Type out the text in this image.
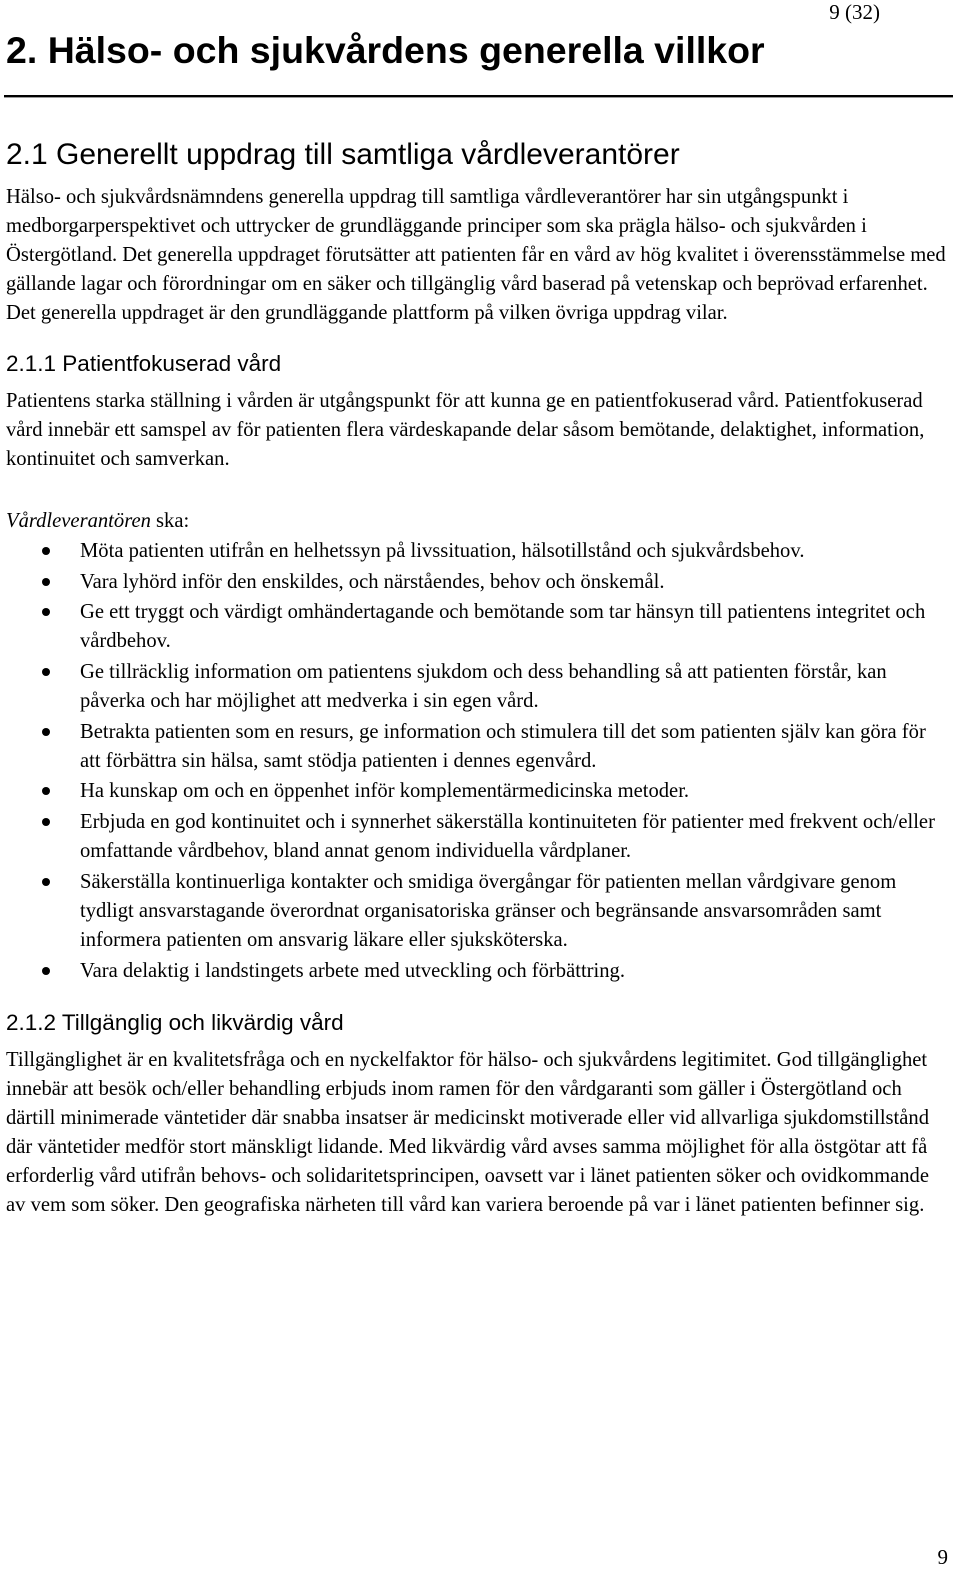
9 (32)
2. Hälso- och sjukvårdens generella villkor
2.1 Generellt uppdrag till samtliga vårdleverantörer

Hälso- och sjukvårdsnämndens generella uppdrag till samtliga vårdleverantörer har sin utgångspunkt i medborgarperspektivet och uttrycker de grundläggande principer som ska prägla hälso- och sjukvården i Östergötland. Det generella uppdraget förutsätter att patienten får en vård av hög kvalitet i överensstämmelse med gällande lagar och förordningar om en säker och tillgänglig vård baserad på vetenskap och beprövad erfarenhet. Det generella uppdraget är den grundläggande plattform på vilken övriga uppdrag vilar.

2.1.1 Patientfokuserad vård

Patientens starka ställning i vården är utgångspunkt för att kunna ge en patientfokuserad vård. Patientfokuserad vård innebär ett samspel av för patienten flera värdeskapande delar såsom bemötande, delaktighet, information, kontinuitet och samverkan.

Vårdleverantören ska:

Möta patienten utifrån en helhetssyn på livssituation, hälsotillstånd och sjukvårdsbehov.
Vara lyhörd inför den enskildes, och närståendes, behov och önskemål.
Ge ett tryggt och värdigt omhändertagande och bemötande som tar hänsyn till patientens integritet och vårdbehov.
Ge tillräcklig information om patientens sjukdom och dess behandling så att patienten förstår, kan påverka och har möjlighet att medverka i sin egen vård.
Betrakta patienten som en resurs, ge information och stimulera till det som patienten själv kan göra för att förbättra sin hälsa, samt stödja patienten i dennes egenvård.
Ha kunskap om och en öppenhet inför komplementärmedicinska metoder.
Erbjuda en god kontinuitet och i synnerhet säkerställa kontinuiteten för patienter med frekvent och/eller omfattande vårdbehov, bland annat genom individuella vårdplaner.
Säkerställa kontinuerliga kontakter och smidiga övergångar för patienten mellan vårdgivare genom tydligt ansvarstagande överordnat organisatoriska gränser och begränsande ansvarsområden samt informera patienten om ansvarig läkare eller sjuksköterska.
Vara delaktig i landstingets arbete med utveckling och förbättring.
2.1.2 Tillgänglig och likvärdig vård

Tillgänglighet är en kvalitetsfråga och en nyckelfaktor för hälso- och sjukvårdens legitimitet. God tillgänglighet innebär att besök och/eller behandling erbjuds inom ramen för den vårdgaranti som gäller i Östergötland och därtill minimerade väntetider där snabba insatser är medicinskt motiverade eller vid allvarliga sjukdomstillstånd där väntetider medför stort mänskligt lidande. Med likvärdig vård avses samma möjlighet för alla östgötar att få erforderlig vård utifrån behovs- och solidaritetsprincipen, oavsett var i länet patienten söker och ovidkommande av vem som söker. Den geografiska närheten till vård kan variera beroende på var i länet patienten befinner sig.

9
